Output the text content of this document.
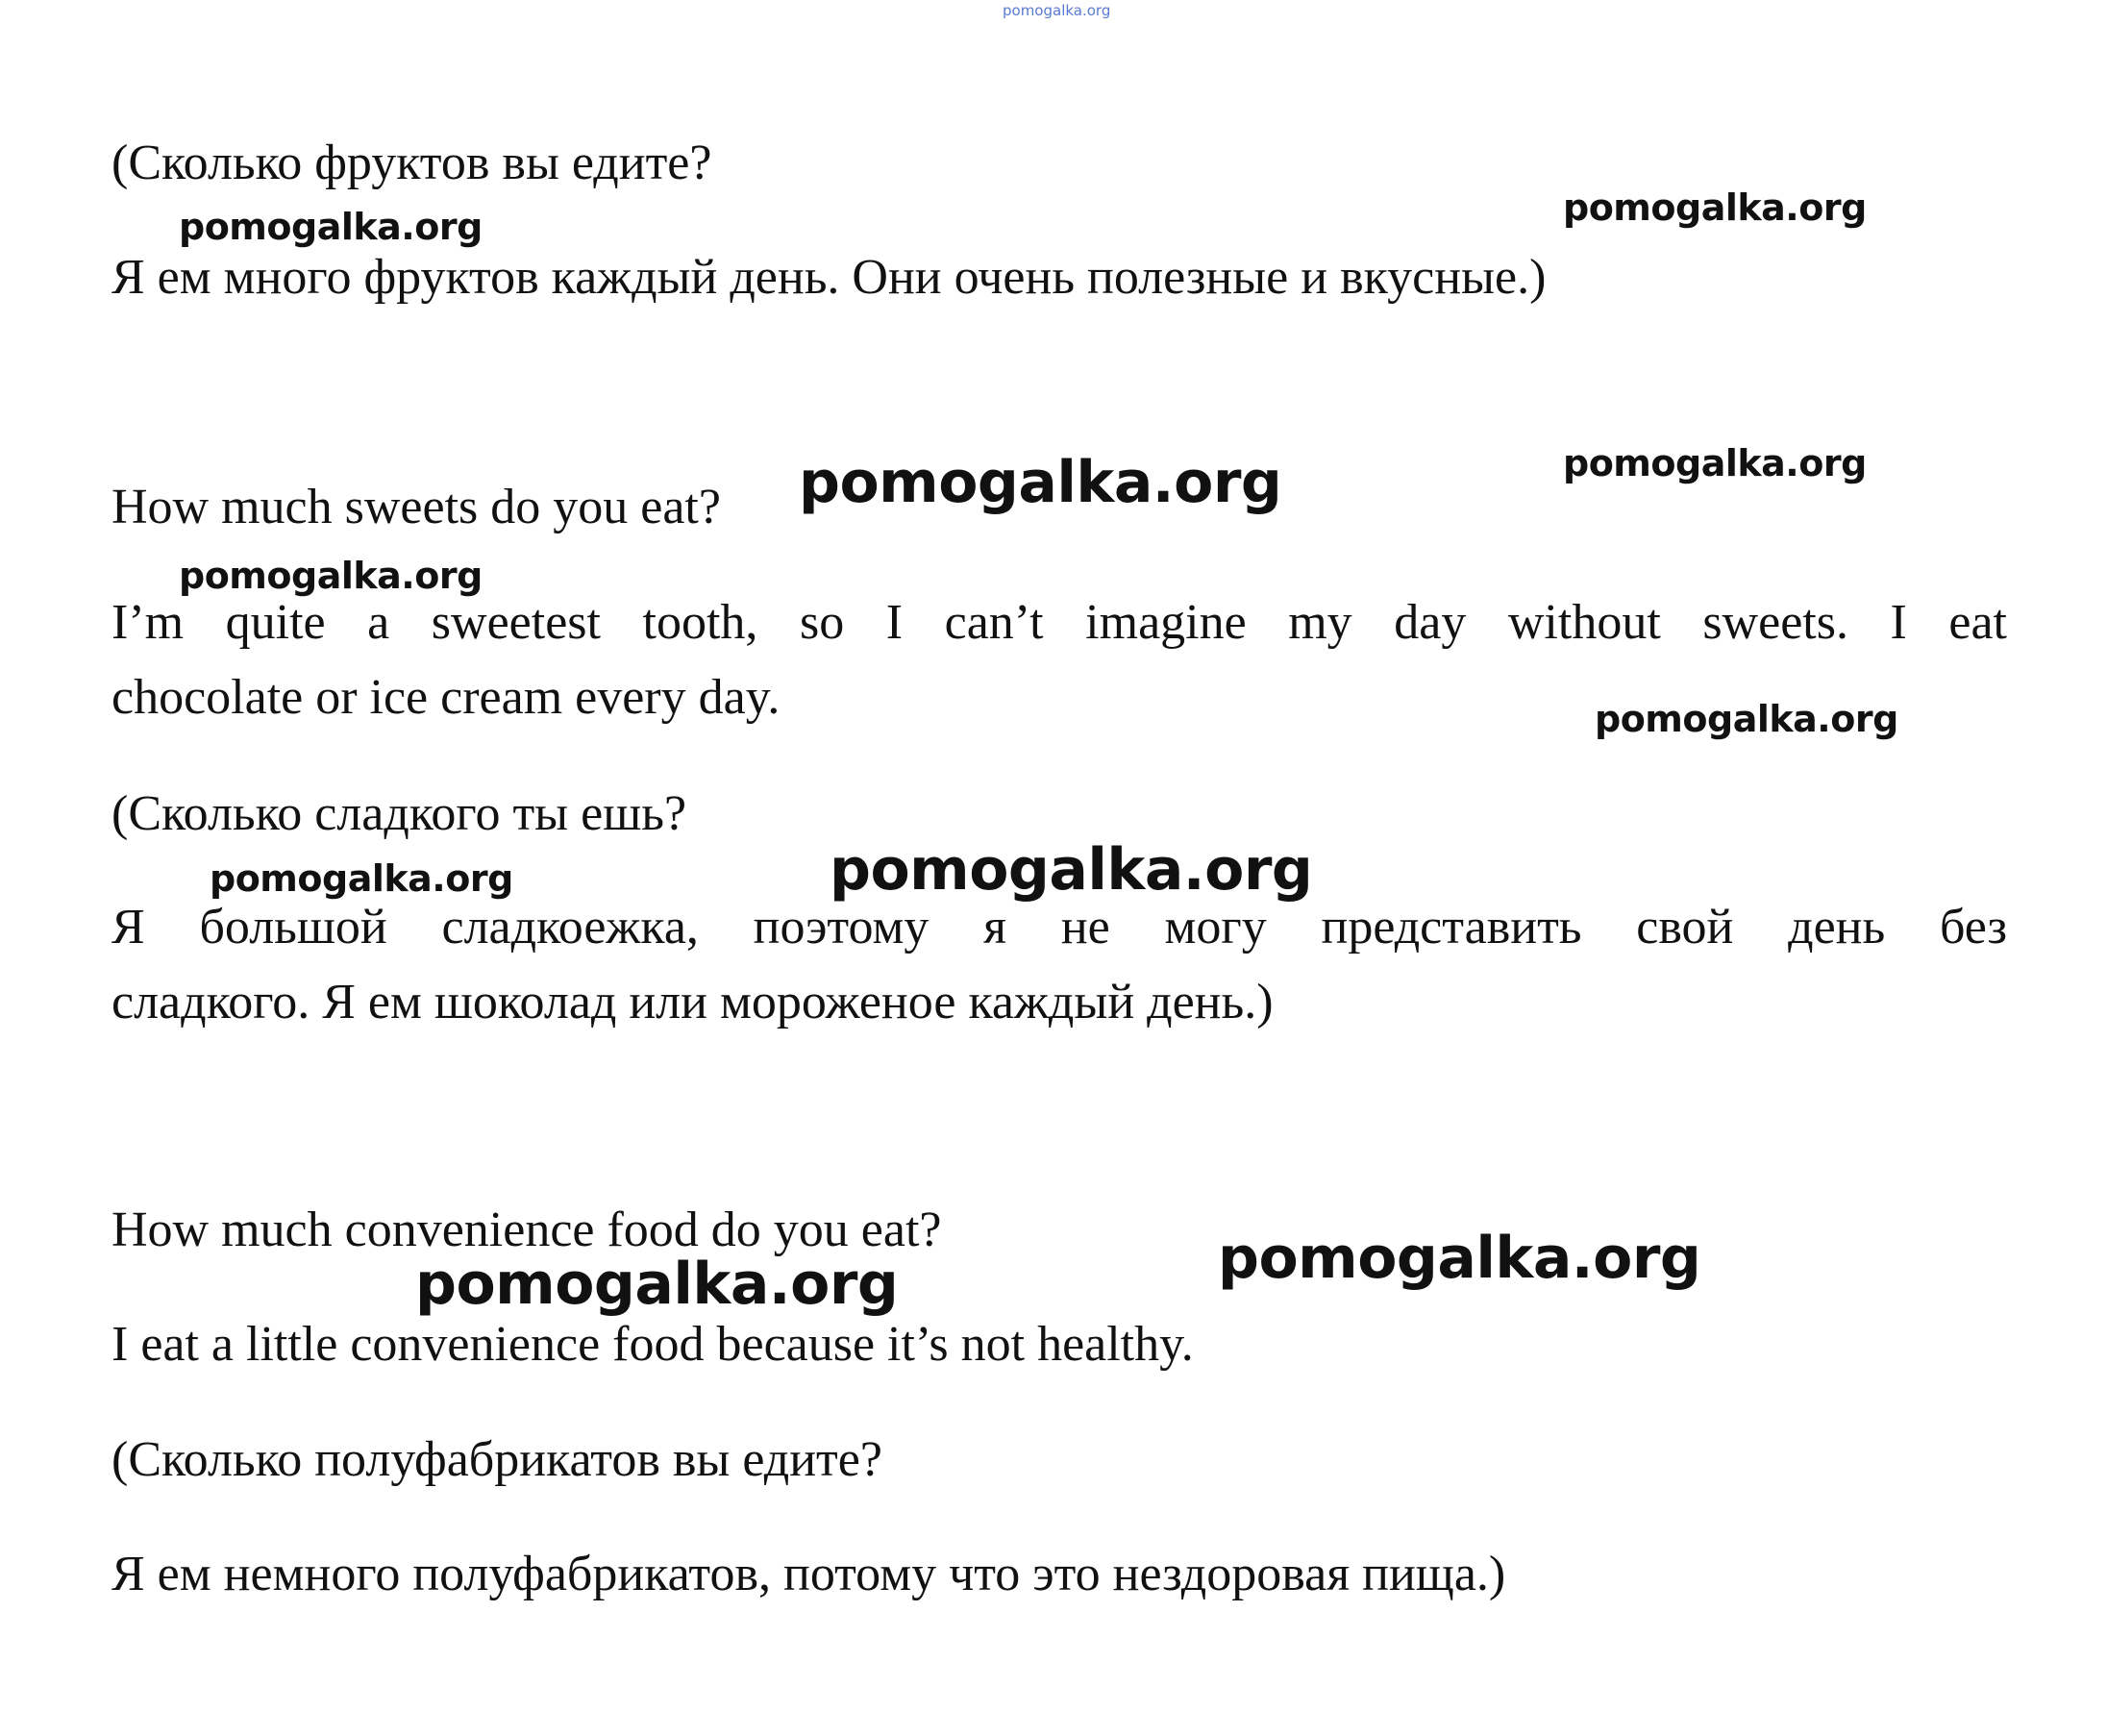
pomogalka.org
(Сколько фруктов вы едите?
pomogalka.org	pomogalka.org
Я ем много фруктов каждый день. Они очень полезные и вкусные.)
pomogalka.org
How much sweets do you eat? pomogalka.org
pomogalka.org
I’m quite a sweetest tooth, so I can’t imagine my day without sweets. I eat
chocolate or ice cream every day.	pomogalka.org
(Сколько сладкого ты ешь?
pomogalka.org	pomogalka.org
Я большой сладкоежка, поэтому я не могу представить свой день без
сладкого. Я ем шоколад или мороженое каждый день.)
How much convenience food do you eat?	pomogalka.org
pomogalka.org
I eat a little convenience food because it’s not healthy.
(Сколько полуфабрикатов вы едите?
Я ем немного полуфабрикатов, потому что это нездоровая пища.)
